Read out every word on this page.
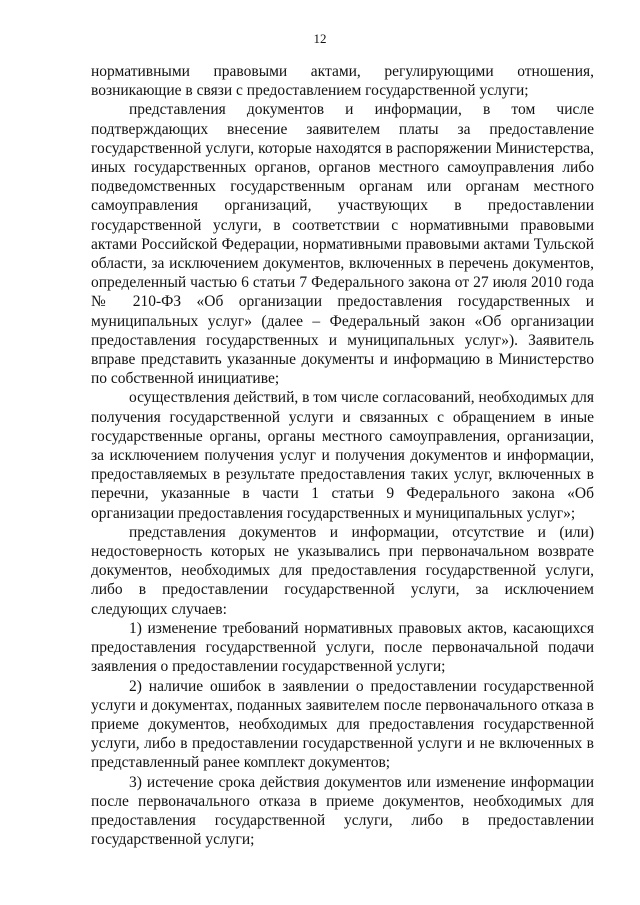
12

нормативными правовыми актами, регулирующими отношения, возникающие в связи с предоставлением государственной услуги;

представления документов и информации, в том числе подтверждающих внесение заявителем платы за предоставление государственной услуги, которые находятся в распоряжении Министерства, иных государственных органов, органов местного самоуправления либо подведомственных государственным органам или органам местного самоуправления организаций, участвующих в предоставлении государственной услуги, в соответствии с нормативными правовыми актами Российской Федерации, нормативными правовыми актами Тульской области, за исключением документов, включенных в перечень документов, определенный частью 6 статьи 7 Федерального закона от 27 июля 2010 года № 210-ФЗ «Об организации предоставления государственных и муниципальных услуг» (далее – Федеральный закон «Об организации предоставления государственных и муниципальных услуг»). Заявитель вправе представить указанные документы и информацию в Министерство по собственной инициативе;

осуществления действий, в том числе согласований, необходимых для получения государственной услуги и связанных с обращением в иные государственные органы, органы местного самоуправления, организации, за исключением получения услуг и получения документов и информации, предоставляемых в результате предоставления таких услуг, включенных в перечни, указанные в части 1 статьи 9 Федерального закона «Об организации предоставления государственных и муниципальных услуг»;

представления документов и информации, отсутствие и (или) недостоверность которых не указывались при первоначальном возврате документов, необходимых для предоставления государственной услуги, либо в предоставлении государственной услуги, за исключением следующих случаев:

1) изменение требований нормативных правовых актов, касающихся предоставления государственной услуги, после первоначальной подачи заявления о предоставлении государственной услуги;

2) наличие ошибок в заявлении о предоставлении государственной услуги и документах, поданных заявителем после первоначального отказа в приеме документов, необходимых для предоставления государственной услуги, либо в предоставлении государственной услуги и не включенных в представленный ранее комплект документов;

3) истечение срока действия документов или изменение информации после первоначального отказа в приеме документов, необходимых для предоставления государственной услуги, либо в предоставлении государственной услуги;
